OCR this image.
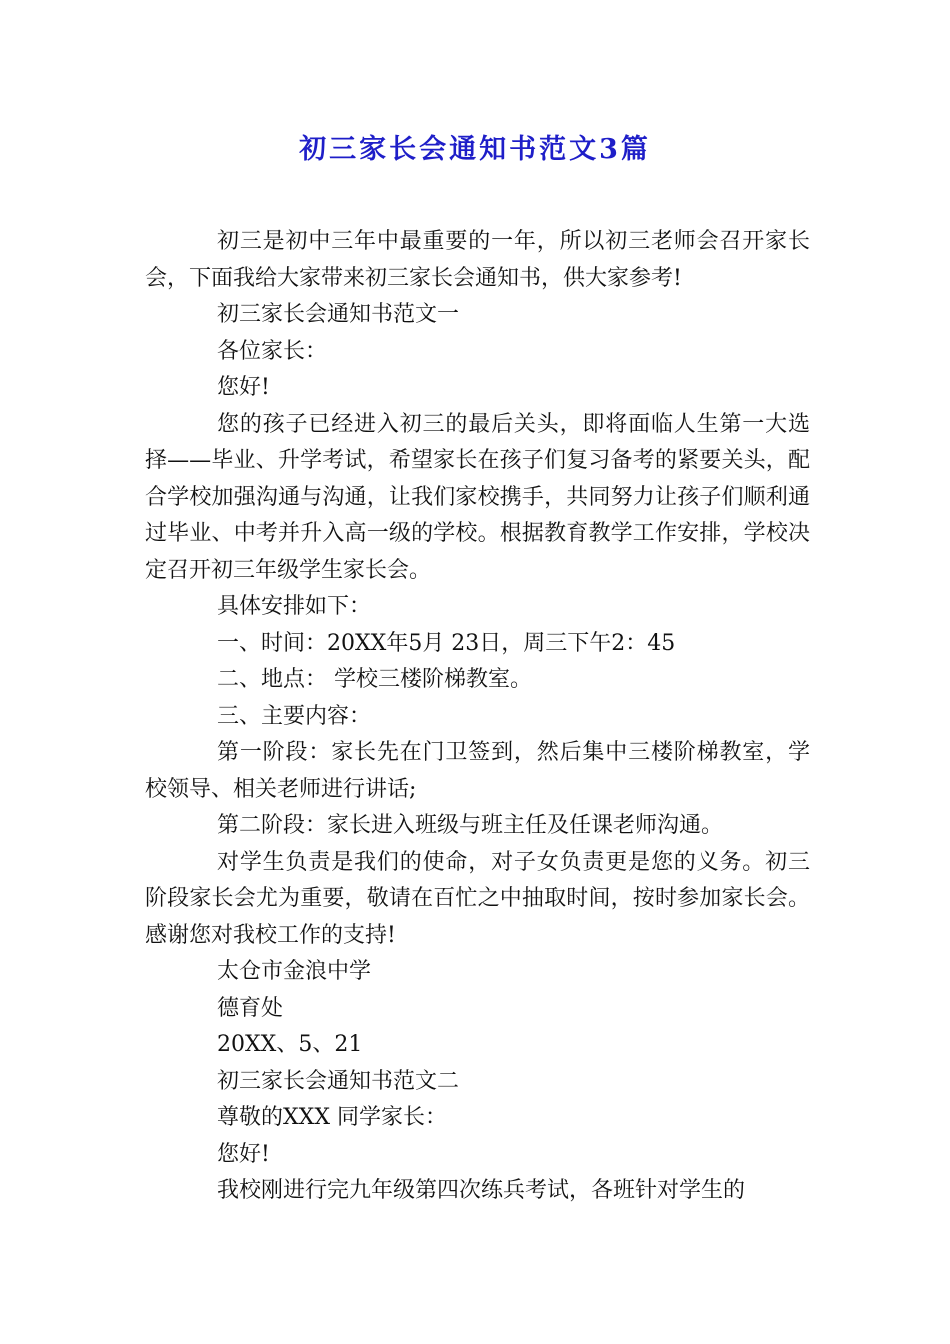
初三家长会通知书范文3篇

初三是初中三年中最重要的一年，所以初三老师会召开家长会，下面我给大家带来初三家长会通知书，供大家参考!

初三家长会通知书范文一

各位家长：

您好!

您的孩子已经进入初三的最后关头，即将面临人生第一大选择——毕业、升学考试，希望家长在孩子们复习备考的紧要关头，配合学校加强沟通与沟通，让我们家校携手，共同努力让孩子们顺利通过毕业、中考并升入高一级的学校。根据教育教学工作安排，学校决定召开初三年级学生家长会。

具体安排如下：

一、时间：20XX年5月 23日，周三下午2：45

二、地点： 学校三楼阶梯教室。

三、主要内容：

第一阶段：家长先在门卫签到，然后集中三楼阶梯教室，学校领导、相关老师进行讲话;

第二阶段：家长进入班级与班主任及任课老师沟通。

对学生负责是我们的使命，对子女负责更是您的义务。初三阶段家长会尤为重要，敬请在百忙之中抽取时间，按时参加家长会。感谢您对我校工作的支持!

太仓市金浪中学

德育处

20XX、5、21

初三家长会通知书范文二

尊敬的XXX 同学家长：

您好!

我校刚进行完九年级第四次练兵考试，各班针对学生的
